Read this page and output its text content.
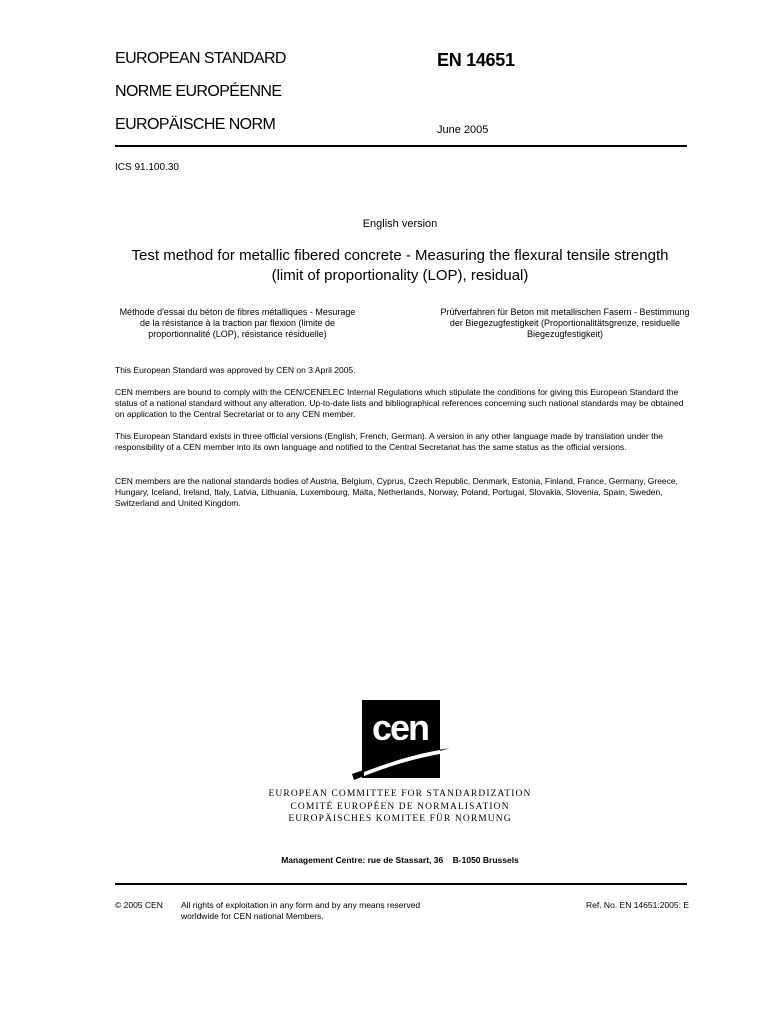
EUROPEAN STANDARD
NORME EUROPÉENNE
EUROPÄISCHE NORM
EN 14651
June 2005
ICS 91.100.30
English version
Test method for metallic fibered concrete - Measuring the flexural tensile strength (limit of proportionality (LOP), residual)
Méthode d'essai du béton de fibres métalliques - Mesurage de la résistance à la traction par flexion (limite de proportionnalité (LOP), résistance résiduelle)
Prüfverfahren für Beton mit metallischen Fasern - Bestimmung der Biegezugfestigkeit (Proportionalitätsgrenze, residuelle Biegezugfestigkeit)
This European Standard was approved by CEN on 3 April 2005.
CEN members are bound to comply with the CEN/CENELEC Internal Regulations which stipulate the conditions for giving this European Standard the status of a national standard without any alteration. Up-to-date lists and bibliographical references concerning such national standards may be obtained on application to the Central Secretariat or to any CEN member.
This European Standard exists in three official versions (English, French, German). A version in any other language made by translation under the responsibility of a CEN member into its own language and notified to the Central Secretariat has the same status as the official versions.
CEN members are the national standards bodies of Austria, Belgium, Cyprus, Czech Republic, Denmark, Estonia, Finland, France, Germany, Greece, Hungary, Iceland, Ireland, Italy, Latvia, Lithuania, Luxembourg, Malta, Netherlands, Norway, Poland, Portugal, Slovakia, Slovenia, Spain, Sweden, Switzerland and United Kingdom.
cen
EUROPEAN COMMITTEE FOR STANDARDIZATION
COMITÉ EUROPÉEN DE NORMALISATION
EUROPÄISCHES KOMITEE FÜR NORMUNG
Management Centre: rue de Stassart, 36    B-1050 Brussels
© 2005 CEN All rights of exploitation in any form and by any means reserved
worldwide for CEN national Members.
Ref. No. EN 14651:2005: E
